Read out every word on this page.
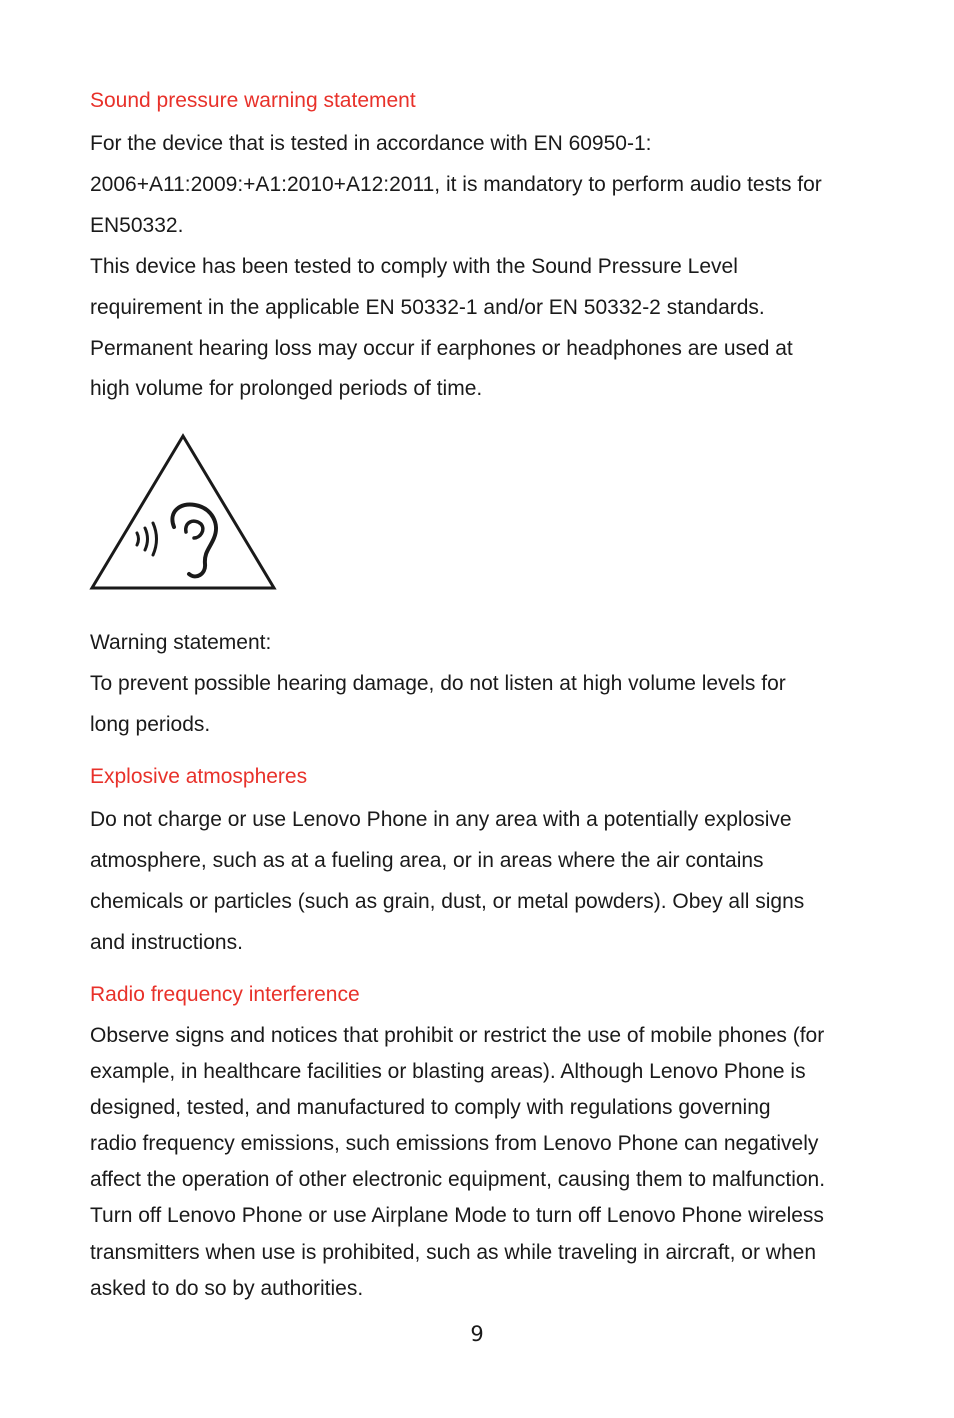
Sound pressure warning statement

For the device that is tested in accordance with EN 60950-1:

2006+A11:2009:+A1:2010+A12:2011, it is mandatory to perform audio tests for

EN50332.

This device has been tested to comply with the Sound Pressure Level

requirement in the applicable EN 50332-1 and/or EN 50332-2 standards.

Permanent hearing loss may occur if earphones or headphones are used at

high volume for prolonged periods of time.

Warning statement:

To prevent possible hearing damage, do not listen at high volume levels for

long periods.

Explosive atmospheres

Do not charge or use Lenovo Phone in any area with a potentially explosive

atmosphere, such as at a fueling area, or in areas where the air contains

chemicals or particles (such as grain, dust, or metal powders). Obey all signs

and instructions.

Radio frequency interference

Observe signs and notices that prohibit or restrict the use of mobile phones (for

example, in healthcare facilities or blasting areas). Although Lenovo Phone is

designed, tested, and manufactured to comply with regulations governing

radio frequency emissions, such emissions from Lenovo Phone can negatively

affect the operation of other electronic equipment, causing them to malfunction.

Turn off Lenovo Phone or use Airplane Mode to turn off Lenovo Phone wireless

transmitters when use is prohibited, such as while traveling in aircraft, or when

asked to do so by authorities.

9
